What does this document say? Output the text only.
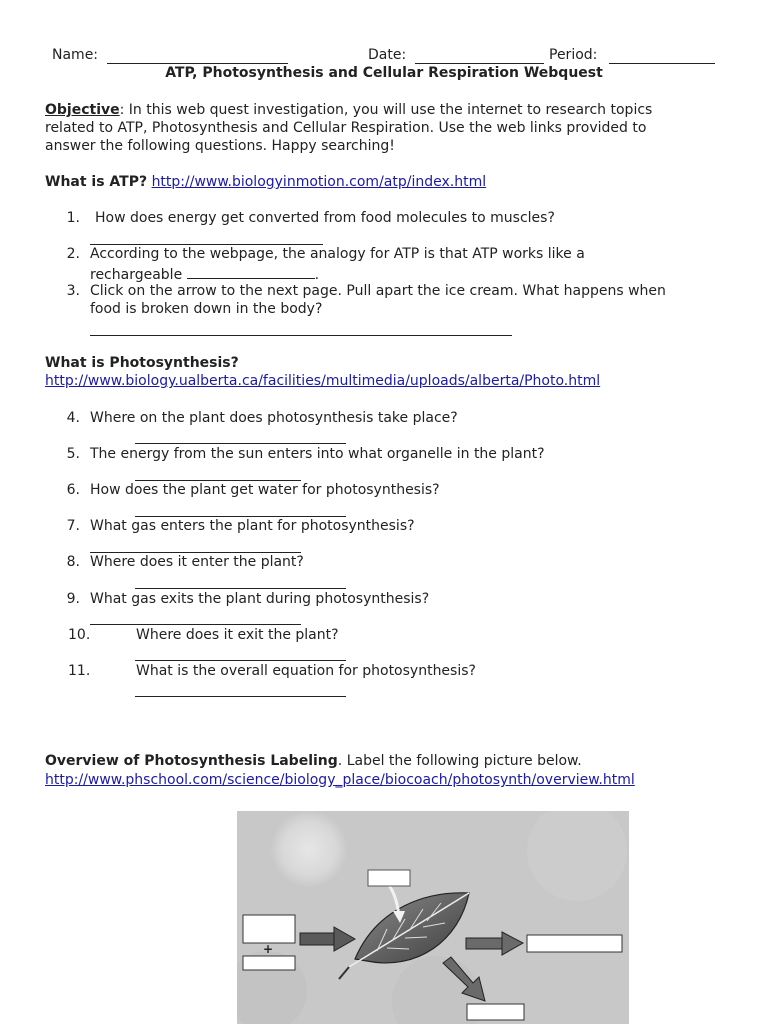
Name:	Date:	Period:
ATP, Photosynthesis and Cellular Respiration Webquest
Objective: In this web quest investigation, you will use the internet to research topics
related to ATP, Photosynthesis and Cellular Respiration. Use the web links provided to
answer the following questions. Happy searching!
What is ATP? http://www.biologyinmotion.com/atp/index.html
1. How does energy get converted from food molecules to muscles?
2. According to the webpage, the analogy for ATP is that ATP works like a
rechargeable	.
3. Click on the arrow to the next page. Pull apart the ice cream. What happens when
food is broken down in the body?
What is Photosynthesis?
http://www.biology.ualberta.ca/facilities/multimedia/uploads/alberta/Photo.html
4. Where on the plant does photosynthesis take place?
5. The energy from the sun enters into what organelle in the plant?
6. How does the plant get water for photosynthesis?
7. What gas enters the plant for photosynthesis?
8. Where does it enter the plant?
9. What gas exits the plant during photosynthesis?
10.	Where does it exit the plant?
11.	What is the overall equation for photosynthesis?
Overview of Photosynthesis Labeling. Label the following picture below.
http://www.phschool.com/science/biology_place/biocoach/photosynth/overview.html
+
